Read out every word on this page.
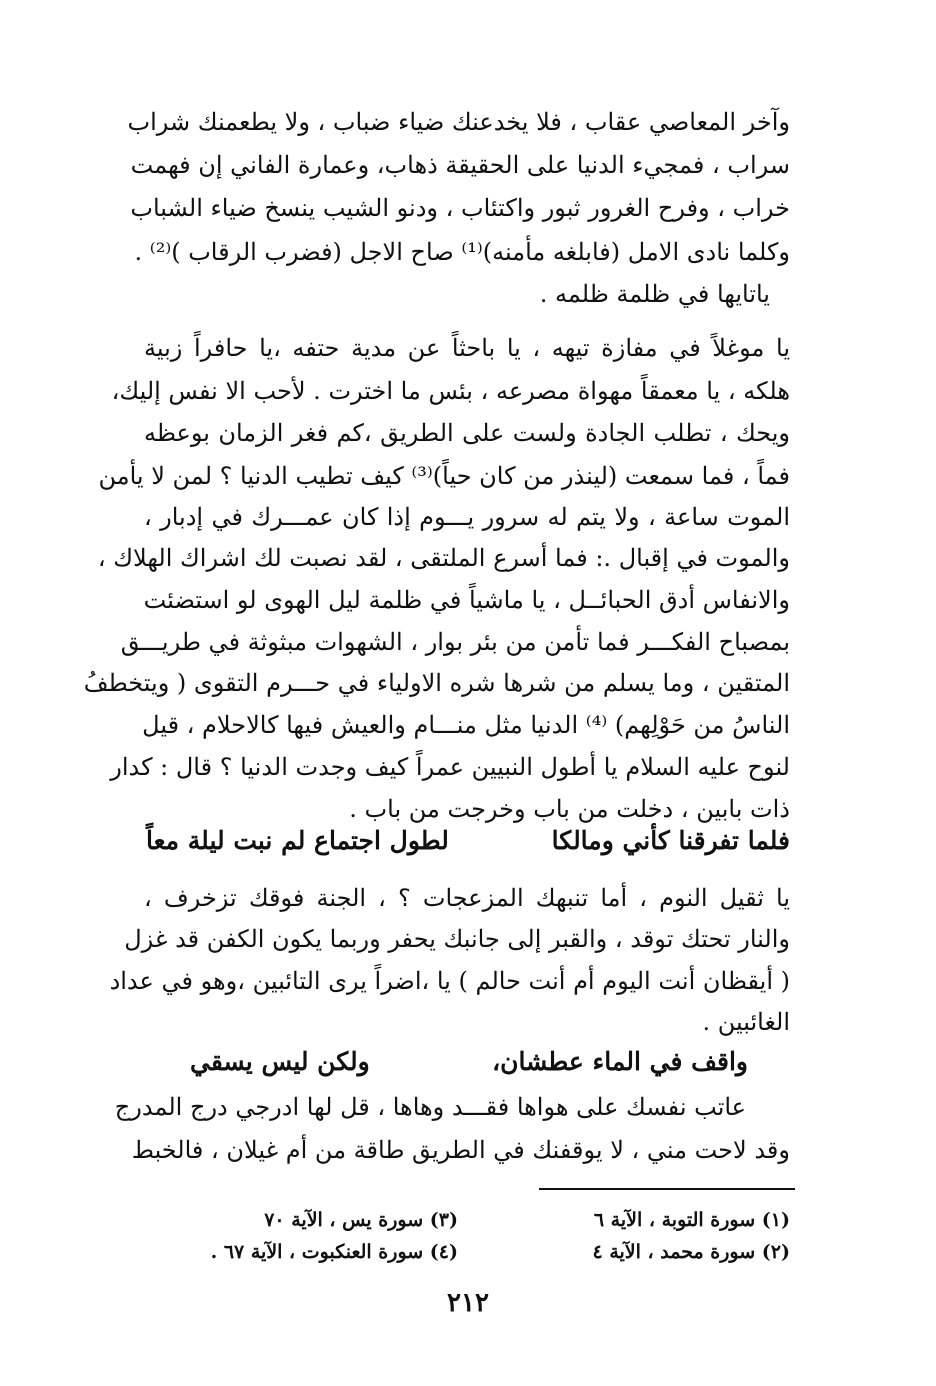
وآخر المعاصي عقاب ، فلا يخدعنك ضياء ضباب ، ولا يطعمنك شراب
سراب ، فمجيء الدنيا على الحقيقة ذهاب، وعمارة الفاني إن فهمت
خراب ، وفرح الغرور ثبور واكتئاب ، ودنو الشيب ينسخ ضياء الشباب
وكلما نادى الامل (فابلغه مأمنه)⁽¹⁾ صاح الاجل (فضرب الرقاب )⁽²⁾ .
ياتايها في ظلمة ظلمه .
يا موغلاً في مفازة تيهه ، يا باحثاً عن مدية حتفه ،يا حافراً زبية
هلكه ، يا معمقاً مهواة مصرعه ، بئس ما اخترت . لأحب الا نفس إليك،
ويحك ، تطلب الجادة ولست على الطريق ،كم فغر الزمان بوعظه
فماً ، فما سمعت (لينذر من كان حياً)⁽³⁾ كيف تطيب الدنيا ؟ لمن لا يأمن
الموت ساعة ، ولا يتم له سرور يـــوم إذا كان عمـــرك في إدبار ،
والموت في إقبال .: فما أسرع الملتقى ، لقد نصبت لك اشراك الهلاك ،
والانفاس أدق الحبائــل ، يا ماشياً في ظلمة ليل الهوى لو استضئت
بمصباح الفكـــر فما تأمن من بئر بوار ، الشهوات مبثوثة في طريـــق
المتقين ، وما يسلم من شرها شره الاولياء في حـــرم التقوى ( ويتخطفُ
الناسُ من حَوْلِهم) ⁽⁴⁾ الدنيا مثل منـــام والعيش فيها كالاحلام ، قيل
لنوح عليه السلام يا أطول النبيين عمراً كيف وجدت الدنيا ؟ قال : كدار
ذات بابين ، دخلت من باب وخرجت من باب .
فلما تفرقنا كأني ومالكا
لطول اجتماع لم نبت ليلة معاً
يا ثقيل النوم ، أما تنبهك المزعجات ؟ ، الجنة فوقك تزخرف ،
والنار تحتك توقد ، والقبر إلى جانبك يحفر وربما يكون الكفن قد غزل
( أيقظان أنت اليوم أم أنت حالم ) يا ،اضراً يرى التائبين ،وهو في عداد
الغائبين .
واقف في الماء عطشان،
ولكن ليس يسقي
عاتب نفسك على هواها فقـــد وهاها ، قل لها ادرجي درج المدرج
وقد لاحت مني ، لا يوقفنك في الطريق طاقة من أم غيلان ، فالخبط
(١) سورة التوبة ، الآية ٦
(٣) سورة يس ، الآية ٧٠
(٢) سورة محمد ، الآية ٤
(٤) سورة العنكبوت ، الآية ٦٧ .
٢١٢
